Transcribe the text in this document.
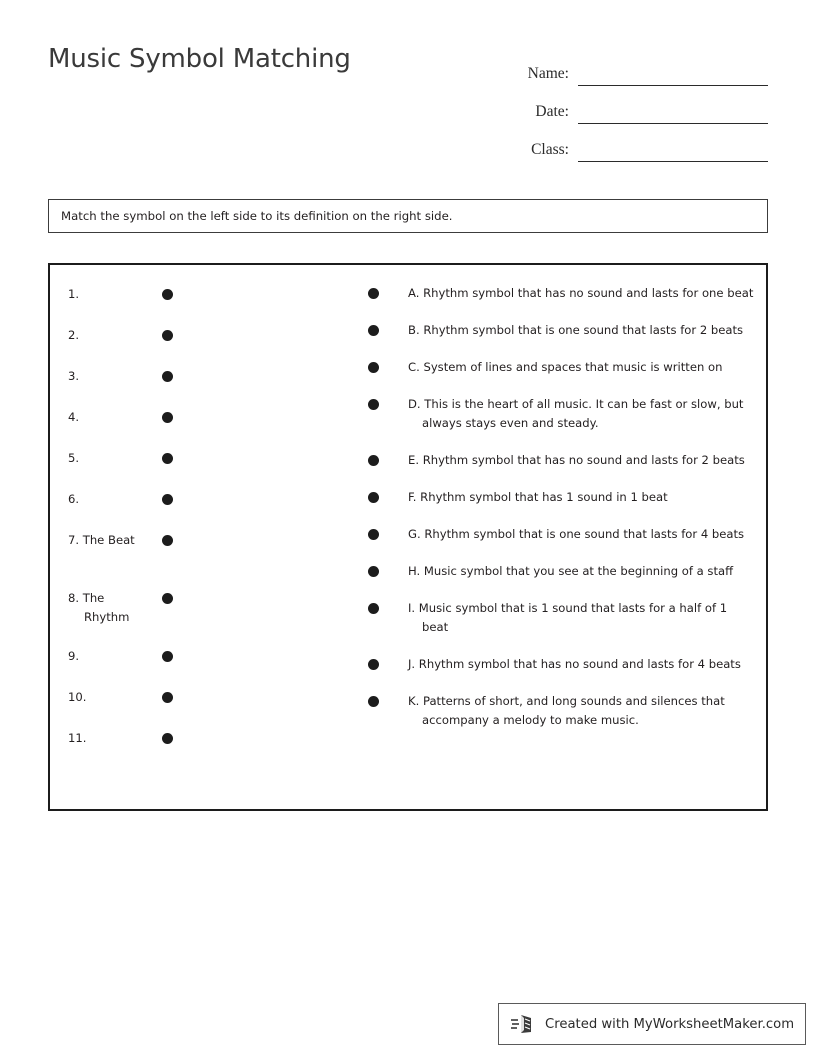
Music Symbol Matching	Name:
Date:
Class:
Match the symbol on the left side to its definition on the right side.
1.
2.
3.
4.
5.
6.
7. The Beat
8. The Rhythm
9.
10.
11.
A. Rhythm symbol that has no sound and lasts for one beat
B. Rhythm symbol that is one sound that lasts for 2 beats
C. System of lines and spaces that music is written on
D. This is the heart of all music. It can be fast or slow, but always stays even and steady.
E. Rhythm symbol that has no sound and lasts for 2 beats
F. Rhythm symbol that has 1 sound in 1 beat
G. Rhythm symbol that is one sound that lasts for 4 beats
H. Music symbol that you see at the beginning of a staff
I. Music symbol that is 1 sound that lasts for a half of 1 beat
J. Rhythm symbol that has no sound and lasts for 4 beats
K. Patterns of short, and long sounds and silences that accompany a melody to make music.
Created with MyWorksheetMaker.com
